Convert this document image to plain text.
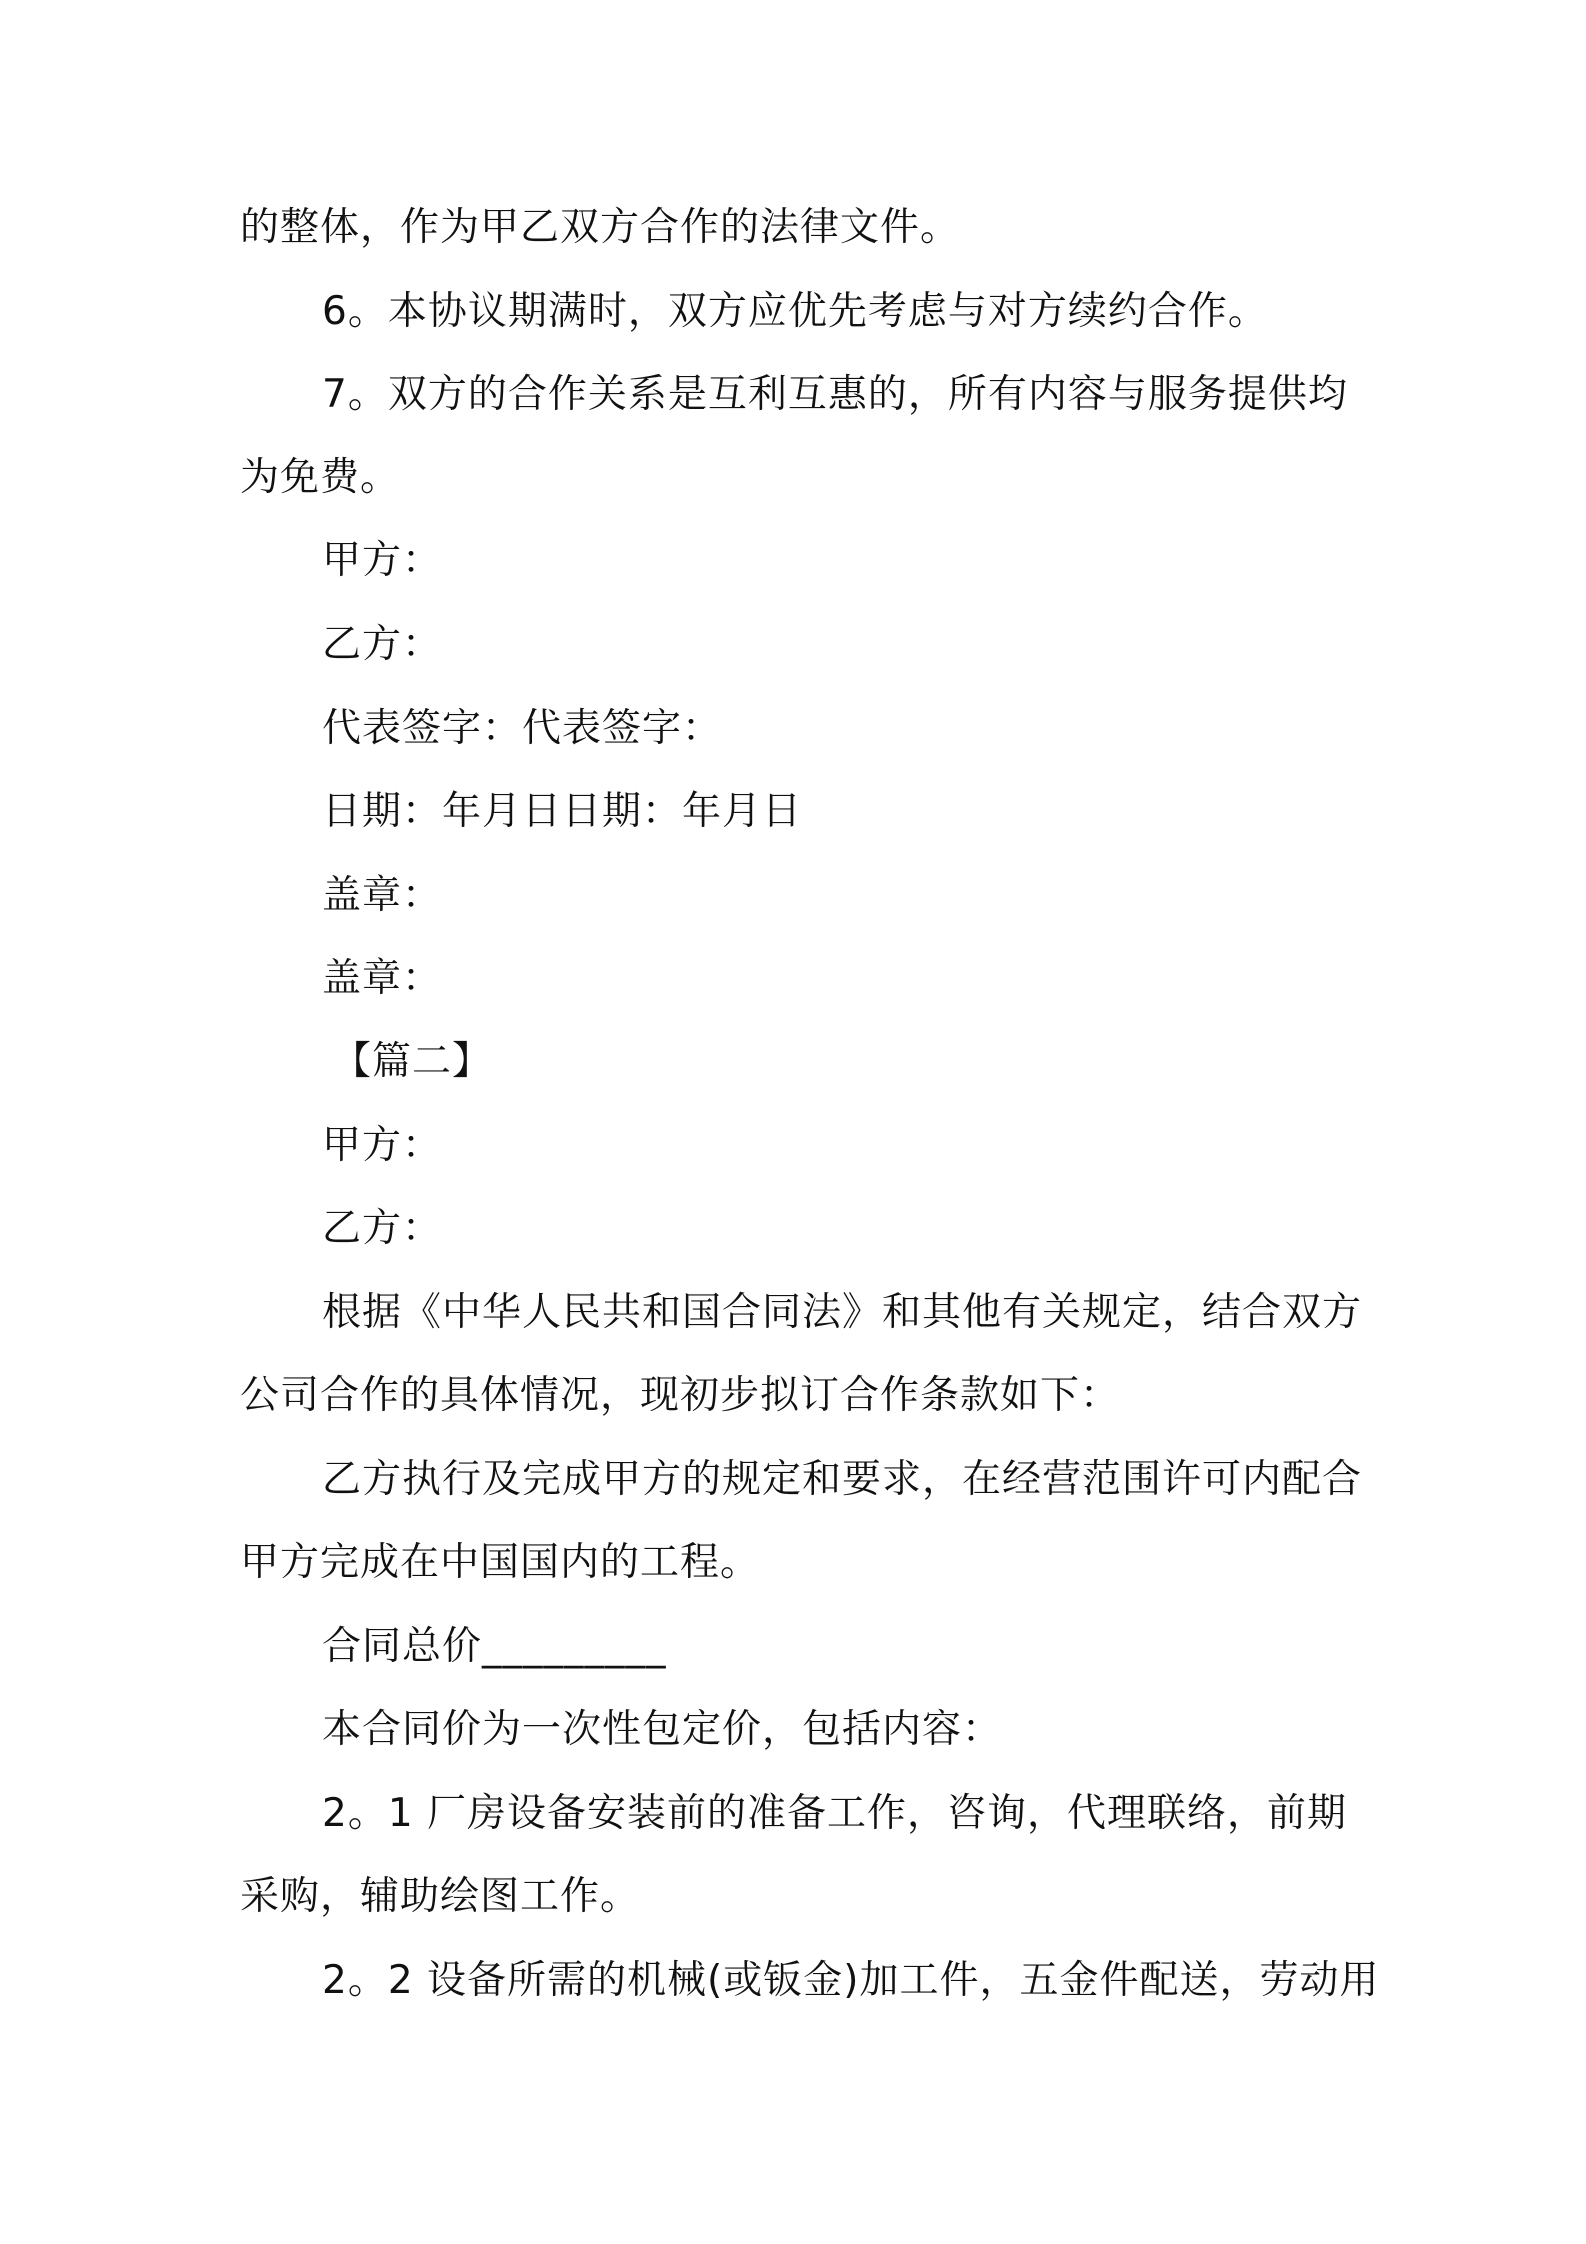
的整体，作为甲乙双方合作的法律文件。
6。本协议期满时，双方应优先考虑与对方续约合作。
7。双方的合作关系是互利互惠的，所有内容与服务提供均
为免费。
甲方：
乙方：
代表签字：代表签字：
日期：年月日日期：年月日
盖章：
盖章：
【篇二】
甲方：
乙方：
根据《中华人民共和国合同法》和其他有关规定，结合双方
公司合作的具体情况，现初步拟订合作条款如下：
乙方执行及完成甲方的规定和要求，在经营范围许可内配合
甲方完成在中国国内的工程。
合同总价_________
本合同价为一次性包定价，包括内容：
2。1 厂房设备安装前的准备工作，咨询，代理联络，前期
采购，辅助绘图工作。
2。2 设备所需的机械(或钣金)加工件，五金件配送，劳动用
